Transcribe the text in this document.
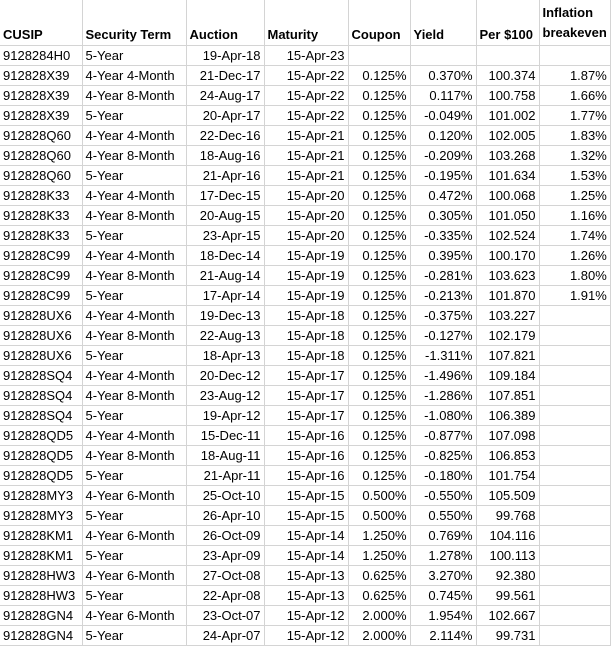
CUSIP	Security Term	Auction	Maturity	Coupon	Yield	Per $100	Inflation breakeven
9128284H0	5-Year	19-Apr-18	15-Apr-23				
912828X39	4-Year 4-Month	21-Dec-17	15-Apr-22	0.125%	0.370%	100.374	1.87%
912828X39	4-Year 8-Month	24-Aug-17	15-Apr-22	0.125%	0.117%	100.758	1.66%
912828X39	5-Year	20-Apr-17	15-Apr-22	0.125%	-0.049%	101.002	1.77%
912828Q60	4-Year 4-Month	22-Dec-16	15-Apr-21	0.125%	0.120%	102.005	1.83%
912828Q60	4-Year 8-Month	18-Aug-16	15-Apr-21	0.125%	-0.209%	103.268	1.32%
912828Q60	5-Year	21-Apr-16	15-Apr-21	0.125%	-0.195%	101.634	1.53%
912828K33	4-Year 4-Month	17-Dec-15	15-Apr-20	0.125%	0.472%	100.068	1.25%
912828K33	4-Year 8-Month	20-Aug-15	15-Apr-20	0.125%	0.305%	101.050	1.16%
912828K33	5-Year	23-Apr-15	15-Apr-20	0.125%	-0.335%	102.524	1.74%
912828C99	4-Year 4-Month	18-Dec-14	15-Apr-19	0.125%	0.395%	100.170	1.26%
912828C99	4-Year 8-Month	21-Aug-14	15-Apr-19	0.125%	-0.281%	103.623	1.80%
912828C99	5-Year	17-Apr-14	15-Apr-19	0.125%	-0.213%	101.870	1.91%
912828UX6	4-Year 4-Month	19-Dec-13	15-Apr-18	0.125%	-0.375%	103.227	
912828UX6	4-Year 8-Month	22-Aug-13	15-Apr-18	0.125%	-0.127%	102.179	
912828UX6	5-Year	18-Apr-13	15-Apr-18	0.125%	-1.311%	107.821	
912828SQ4	4-Year 4-Month	20-Dec-12	15-Apr-17	0.125%	-1.496%	109.184	
912828SQ4	4-Year 8-Month	23-Aug-12	15-Apr-17	0.125%	-1.286%	107.851	
912828SQ4	5-Year	19-Apr-12	15-Apr-17	0.125%	-1.080%	106.389	
912828QD5	4-Year 4-Month	15-Dec-11	15-Apr-16	0.125%	-0.877%	107.098	
912828QD5	4-Year 8-Month	18-Aug-11	15-Apr-16	0.125%	-0.825%	106.853	
912828QD5	5-Year	21-Apr-11	15-Apr-16	0.125%	-0.180%	101.754	
912828MY3	4-Year 6-Month	25-Oct-10	15-Apr-15	0.500%	-0.550%	105.509	
912828MY3	5-Year	26-Apr-10	15-Apr-15	0.500%	0.550%	99.768	
912828KM1	4-Year 6-Month	26-Oct-09	15-Apr-14	1.250%	0.769%	104.116	
912828KM1	5-Year	23-Apr-09	15-Apr-14	1.250%	1.278%	100.113	
912828HW3	4-Year 6-Month	27-Oct-08	15-Apr-13	0.625%	3.270%	92.380	
912828HW3	5-Year	22-Apr-08	15-Apr-13	0.625%	0.745%	99.561	
912828GN4	4-Year 6-Month	23-Oct-07	15-Apr-12	2.000%	1.954%	102.667	
912828GN4	5-Year	24-Apr-07	15-Apr-12	2.000%	2.114%	99.731	
